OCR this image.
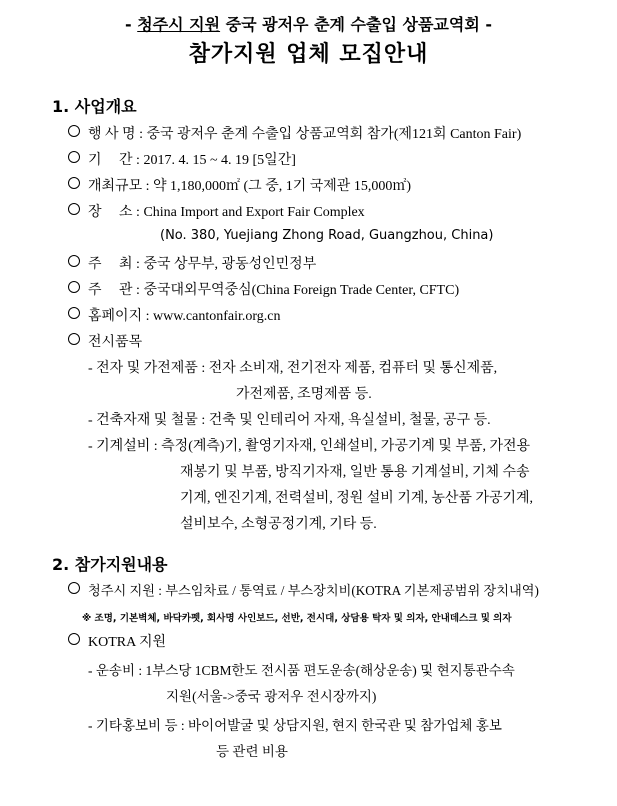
- 청주시 지원 중국 광저우 춘계 수출입 상품교역회 -
참가지원 업체 모집안내
1. 사업개요
행 사 명 : 중국 광저우 춘계 수출입 상품교역회 참가(제121회 Canton Fair)
기     간 : 2017. 4. 15 ~ 4. 19 [5일간]
개최규모 : 약 1,180,000㎡ (그 중, 1기 국제관 15,000㎡)
장     소 : China Import and Export Fair Complex
(No. 380, Yuejiang Zhong Road, Guangzhou, China)
주     최 : 중국 상무부, 광동성인민정부
주     관 : 중국대외무역중심(China Foreign Trade Center, CFTC)
홈페이지 : www.cantonfair.org.cn
전시품목
- 전자 및 가전제품 : 전자 소비재, 전기전자 제품, 컴퓨터 및 통신제품,
가전제품, 조명제품 등.
- 건축자재 및 철물 : 건축 및 인테리어 자재, 욕실설비, 철물, 공구 등.
- 기계설비 : 측정(계측)기, 촬영기자재, 인쇄설비, 가공기계 및 부품, 가전용
재봉기 및 부품, 방직기자재, 일반 통용 기계설비, 기체 수송
기계, 엔진기계, 전력설비, 정원 설비 기계, 농산품 가공기계,
설비보수, 소형공정기계, 기타 등.
2. 참가지원내용
청주시 지원 : 부스임차료 / 통역료 / 부스장치비(KOTRA 기본제공범위 장치내역)
※ 조명, 기본벽체, 바닥카펫, 회사명 사인보드, 선반, 전시대, 상담용 탁자 및 의자, 안내데스크 및 의자
KOTRA 지원
- 운송비 : 1부스당 1CBM한도 전시품 편도운송(해상운송) 및 현지통관수속
지원(서울->중국 광저우 전시장까지)
- 기타홍보비 등 : 바이어발굴 및 상담지원, 현지 한국관 및 참가업체 홍보
등 관련 비용
